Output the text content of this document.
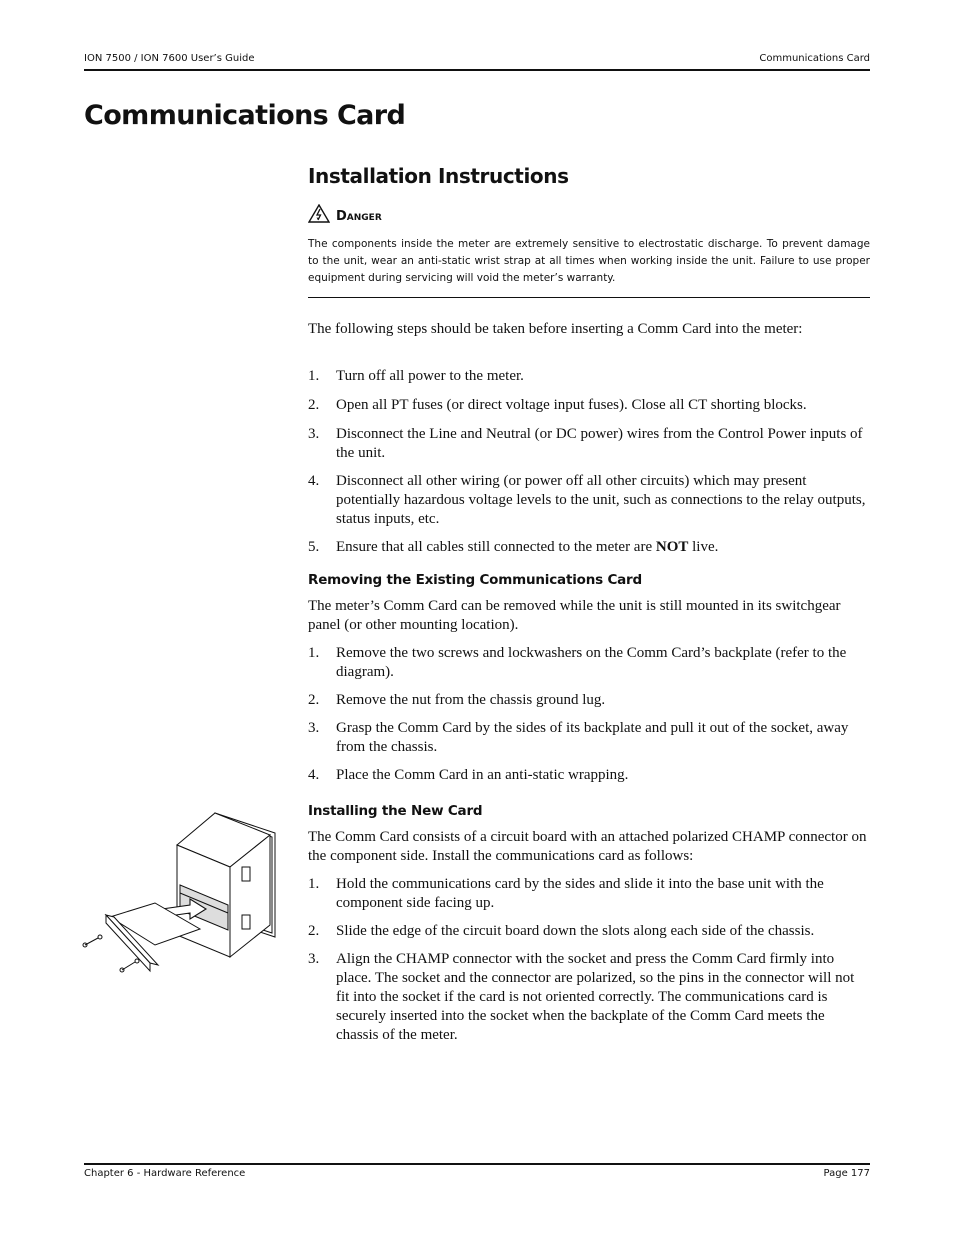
ION 7500 / ION 7600 User’s Guide	Communications Card
Communications Card
Installation Instructions
Danger
The components inside the meter are extremely sensitive to electrostatic discharge. To prevent damage to the unit, wear an anti-static wrist strap at all times when working inside the unit. Failure to use proper equipment during servicing will void the meter’s warranty.

The following steps should be taken before inserting a Comm Card into the meter:

1. Turn off all power to the meter.
2. Open all PT fuses (or direct voltage input fuses). Close all CT shorting blocks.
3. Disconnect the Line and Neutral (or DC power) wires from the Control Power inputs of the unit.
4. Disconnect all other wiring (or power off all other circuits) which may present potentially hazardous voltage levels to the unit, such as connections to the relay outputs, status inputs, etc.
5. Ensure that all cables still connected to the meter are NOT live.
Removing the Existing Communications Card

The meter’s Comm Card can be removed while the unit is still mounted in its switchgear panel (or other mounting location).

1. Remove the two screws and lockwashers on the Comm Card’s backplate (refer to the diagram).
2. Remove the nut from the chassis ground lug.
3. Grasp the Comm Card by the sides of its backplate and pull it out of the socket, away from the chassis.
4. Place the Comm Card in an anti-static wrapping.
Installing the New Card

The Comm Card consists of a circuit board with an attached polarized CHAMP connector on the component side. Install the communications card as follows:

1. Hold the communications card by the sides and slide it into the base unit with the component side facing up.
2. Slide the edge of the circuit board down the slots along each side of the chassis.
3. Align the CHAMP connector with the socket and press the Comm Card firmly into place. The socket and the connector are polarized, so the pins in the connector will not fit into the socket if the card is not oriented correctly. The communications card is securely inserted into the socket when the backplate of the Comm Card meets the chassis of the meter.
Chapter 6 - Hardware Reference	Page 177
